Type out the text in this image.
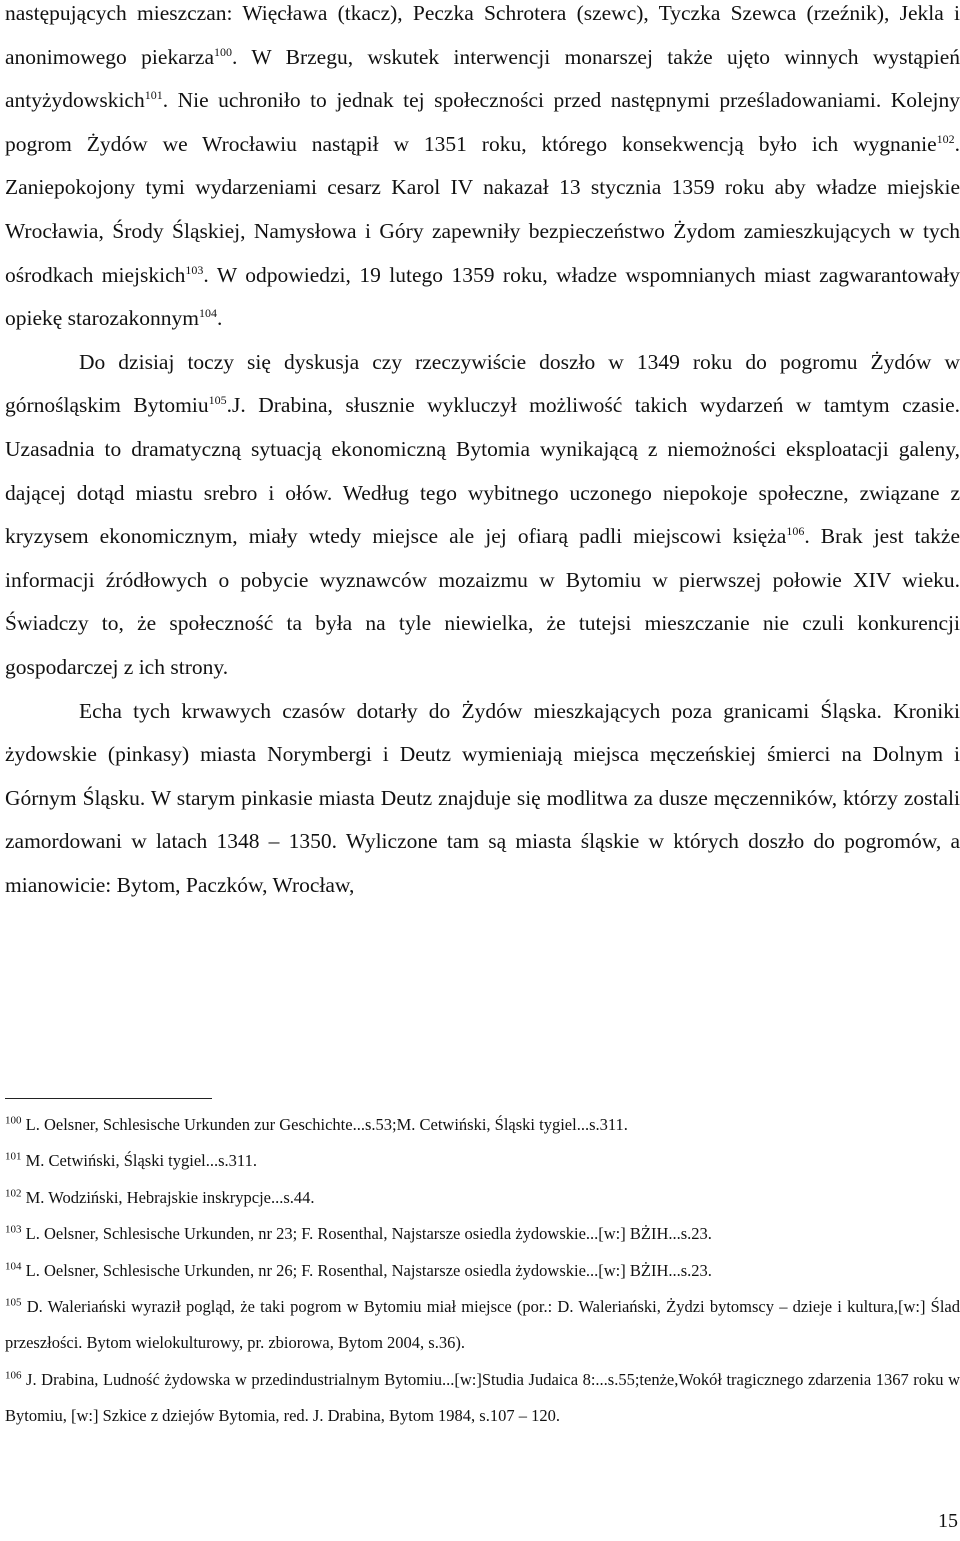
następujących mieszczan: Więcława (tkacz), Peczka Schrotera (szewc), Tyczka Szewca (rzeźnik), Jekla i anonimowego piekarza$^{100}$. W Brzegu, wskutek interwencji monarszej także ujęto winnych wystąpień antyżydowskich$^{101}$. Nie uchroniło to jednak tej społeczności przed następnymi prześladowaniami. Kolejny pogrom Żydów we Wrocławiu nastąpił w 1351 roku, którego konsekwencją było ich wygnanie$^{102}$. Zaniepokojony tymi wydarzeniami cesarz Karol IV nakazał 13 stycznia 1359 roku aby władze miejskie Wrocławia, Środy Śląskiej, Namysłowa i Góry zapewniły bezpieczeństwo Żydom zamieszkujących w tych ośrodkach miejskich$^{103}$. W odpowiedzi, 19 lutego 1359 roku, władze wspomnianych miast zagwarantowały opiekę starozakonnym$^{104}$.

Do dzisiaj toczy się dyskusja czy rzeczywiście doszło w 1349 roku do pogromu Żydów w górnośląskim Bytomiu$^{105}$.J. Drabina, słusznie wykluczył możliwość takich wydarzeń w tamtym czasie. Uzasadnia to dramatyczną sytuacją ekonomiczną Bytomia wynikającą z niemożności eksploatacji galeny, dającej dotąd miastu srebro i ołów. Według tego wybitnego uczonego niepokoje społeczne, związane z kryzysem ekonomicznym, miały wtedy miejsce ale jej ofiarą padli miejscowi księża$^{106}$. Brak jest także informacji źródłowych o pobycie wyznawców mozaizmu w Bytomiu w pierwszej połowie XIV wieku. Świadczy to, że społeczność ta była na tyle niewielka, że tutejsi mieszczanie nie czuli konkurencji gospodarczej z ich strony.

Echa tych krwawych czasów dotarły do Żydów mieszkających poza granicami Śląska. Kroniki żydowskie (pinkasy) miasta Norymbergi i Deutz wymieniają miejsca męczeńskiej śmierci na Dolnym i Górnym Śląsku. W starym pinkasie miasta Deutz znajduje się modlitwa za dusze męczenników, którzy zostali zamordowani w latach 1348 – 1350. Wyliczone tam są miasta śląskie w których doszło do pogromów, a mianowicie: Bytom, Paczków, Wrocław,

$^{100}$ L. Oelsner, Schlesische Urkunden zur Geschichte...s.53;M. Cetwiński, Śląski tygiel...s.311.

$^{101}$ M. Cetwiński, Śląski tygiel...s.311.

$^{102}$ M. Wodziński, Hebrajskie inskrypcje...s.44.

$^{103}$ L. Oelsner, Schlesische Urkunden, nr 23; F. Rosenthal, Najstarsze osiedla żydowskie...[w:] BŻIH...s.23.

$^{104}$ L. Oelsner, Schlesische Urkunden, nr 26; F. Rosenthal, Najstarsze osiedla żydowskie...[w:] BŻIH...s.23.

$^{105}$ D. Waleriański wyraził pogląd, że taki pogrom w Bytomiu miał miejsce (por.: D. Waleriański, Żydzi bytomscy – dzieje i kultura,[w:] Ślad przeszłości. Bytom wielokulturowy, pr. zbiorowa, Bytom 2004, s.36).

$^{106}$ J. Drabina, Ludność żydowska w przedindustrialnym Bytomiu...[w:]Studia Judaica 8:...s.55;tenże,Wokół tragicznego zdarzenia 1367 roku w Bytomiu, [w:] Szkice z dziejów Bytomia, red. J. Drabina, Bytom 1984, s.107 – 120.

15
